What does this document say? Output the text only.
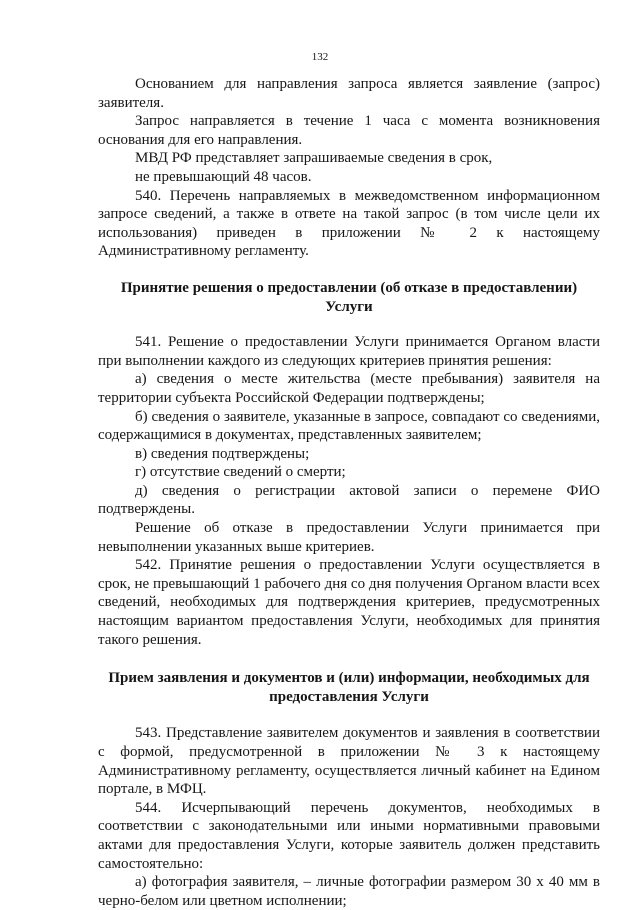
132

Основанием для направления запроса является заявление (запрос) заявителя.

Запрос направляется в течение 1 часа с момента возникновения основания для его направления.

МВД РФ представляет запрашиваемые сведения в срок,

не превышающий 48 часов.

540. Перечень направляемых в межведомственном информационном запросе сведений, а также в ответе на такой запрос (в том числе цели их использования) приведен в приложении № 2 к настоящему Административному регламенту.

Принятие решения о предоставлении (об отказе в предоставлении) Услуги

541. Решение о предоставлении Услуги принимается Органом власти при выполнении каждого из следующих критериев принятия решения:

а) сведения о месте жительства (месте пребывания) заявителя на территории субъекта Российской Федерации подтверждены;

б) сведения о заявителе, указанные в запросе, совпадают со сведениями, содержащимися в документах, представленных заявителем;

в) сведения подтверждены;

г) отсутствие сведений о смерти;

д) сведения о регистрации актовой записи о перемене ФИО подтверждены.

Решение об отказе в предоставлении Услуги принимается при невыполнении указанных выше критериев.

542. Принятие решения о предоставлении Услуги осуществляется в срок, не превышающий 1 рабочего дня со дня получения Органом власти всех сведений, необходимых для подтверждения критериев, предусмотренных настоящим вариантом предоставления Услуги, необходимых для принятия такого решения.

Прием заявления и документов и (или) информации, необходимых для предоставления Услуги

543. Представление заявителем документов и заявления в соответствии с формой, предусмотренной в приложении № 3 к настоящему Административному регламенту, осуществляется личный кабинет на Едином портале, в МФЦ.

544. Исчерпывающий перечень документов, необходимых в соответствии с законодательными или иными нормативными правовыми актами для предоставления Услуги, которые заявитель должен представить самостоятельно:

а) фотография заявителя, – личные фотографии размером 30 х 40 мм в черно-белом или цветном исполнении;
